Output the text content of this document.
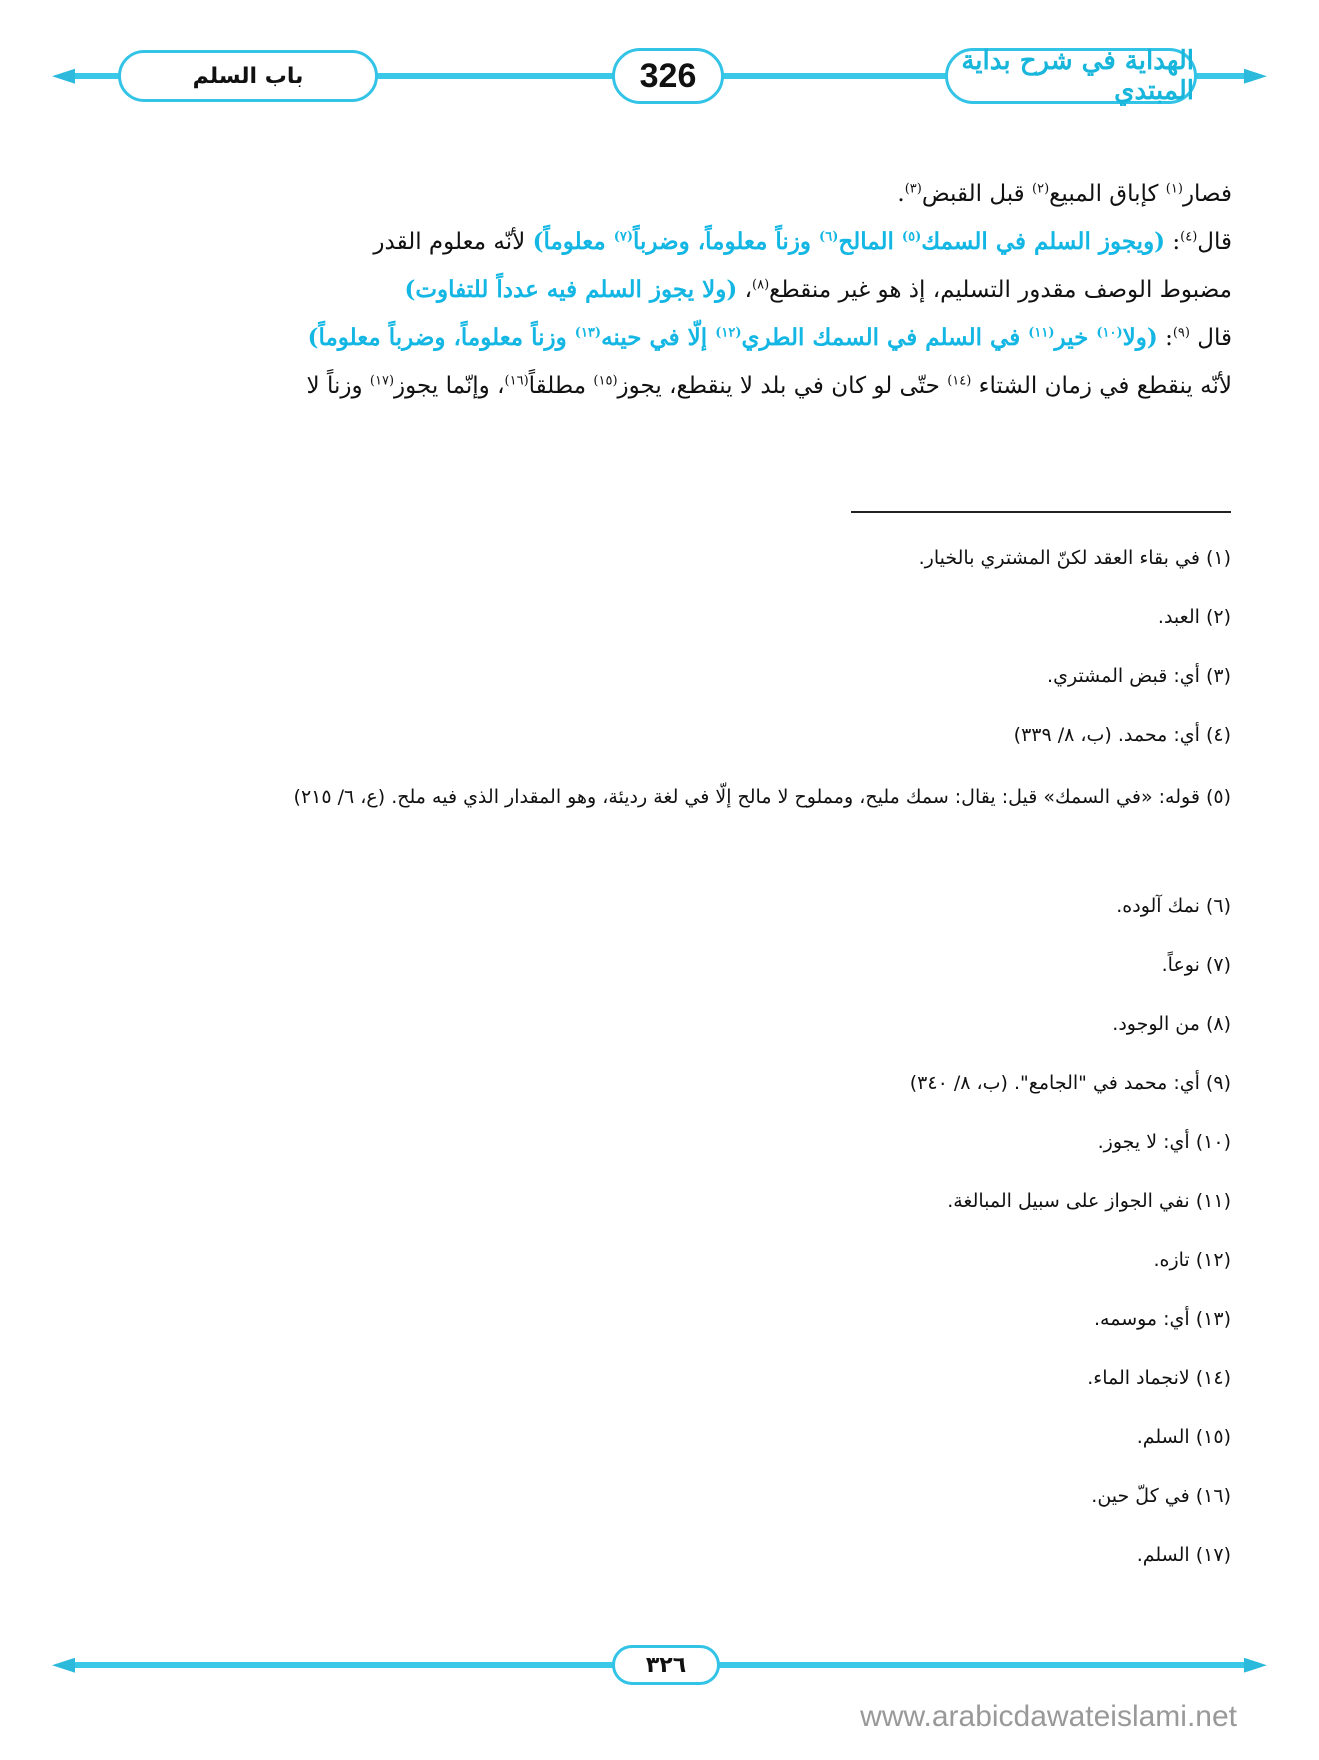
◄	►
باب السلم	326	الهداية في شرح بداية المبتدي
فصار$^{(١)}$ كإباق المبيع$^{(٢)}$ قبل القبض$^{(٣)}$.
قال$^{(٤)}$: (ويجوز السلم في السمك$^{(٥)}$ المالح$^{(٦)}$ وزناً معلوماً، وضرباً$^{(٧)}$ معلوماً) لأنّه معلوم القدر
مضبوط الوصف مقدور التسليم، إذ هو غير منقطع$^{(٨)}$، (ولا يجوز السلم فيه عدداً للتفاوت)
قال $^{(٩)}$: (ولا$^{(١٠)}$ خير$^{(١١)}$ في السلم في السمك الطري$^{(١٢)}$ إلّا في حينه$^{(١٣)}$ وزناً معلوماً، وضرباً معلوماً)
لأنّه ينقطع في زمان الشتاء $^{(١٤)}$ حتّى لو كان في بلد لا ينقطع، يجوز$^{(١٥)}$ مطلقاً$^{(١٦)}$، وإنّما يجوز$^{(١٧)}$ وزناً لا
(١) في بقاء العقد لكنّ المشتري بالخيار.
(٢) العبد.
(٣) أي: قبض المشتري.
(٤) أي: محمد. (ب، ٨/ ٣٣٩)
(٥) قوله: «في السمك» قيل: يقال: سمك مليح، ومملوح لا مالح إلّا في لغة رديئة، وهو المقدار الذي فيه ملح. (ع، ٦/ ٢١٥)
(٦) نمك آلوده.
(٧) نوعاً.
(٨) من الوجود.
(٩) أي: محمد في "الجامع". (ب، ٨/ ٣٤٠)
(١٠) أي: لا يجوز.
(١١) نفي الجواز على سبيل المبالغة.
(١٢) تازه.
(١٣) أي: موسمه.
(١٤) لانجماد الماء.
(١٥) السلم.
(١٦) في كلّ حين.
(١٧) السلم.
◄	►
٣٢٦
www.arabicdawateislami.net
